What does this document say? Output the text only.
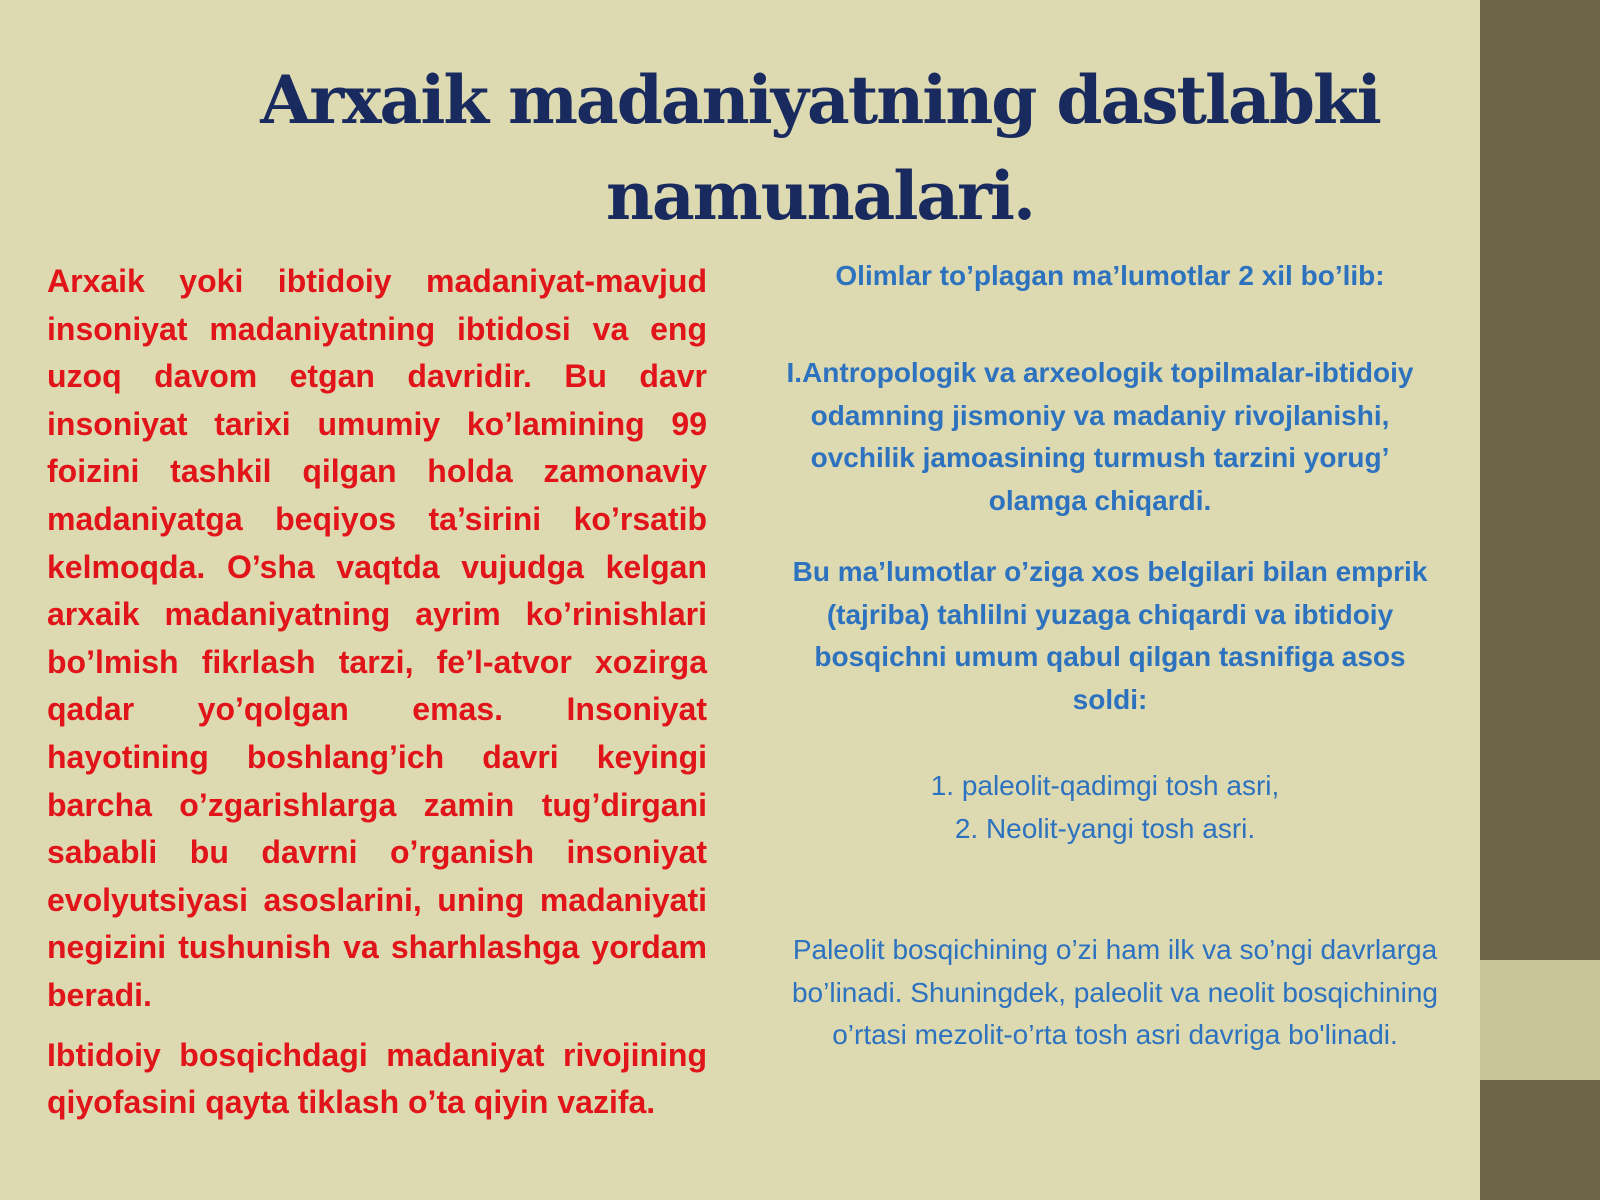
Arxaik madaniyatning dastlabki
namunalari.

Arxaik yoki ibtidoiy madaniyat-mavjud insoniyat madaniyatning ibtidosi va eng uzoq davom etgan davridir. Bu davr insoniyat tarixi umumiy ko’lamining 99 foizini tashkil qilgan holda zamonaviy madaniyatga beqiyos ta’sirini ko’rsatib kelmoqda. O’sha vaqtda vujudga kelgan arxaik madaniyatning ayrim ko’rinishlari bo’lmish fikrlash tarzi, fe’l-atvor xozirga qadar yo’qolgan emas. Insoniyat hayotining boshlang’ich davri keyingi barcha o’zgarishlarga zamin tug’dirgani sababli bu davrni o’rganish insoniyat evolyutsiyasi asoslarini, uning madaniyati negizini tushunish va sharhlashga yordam beradi.

Ibtidoiy bosqichdagi madaniyat rivojining qiyofasini qayta tiklash o’ta qiyin vazifa.

Olimlar to’plagan ma’lumotlar 2 xil bo’lib:

I.Antropologik va arxeologik topilmalar-ibtidoiy odamning jismoniy va madaniy rivojlanishi, ovchilik jamoasining turmush tarzini yorug’ olamga chiqardi.

Bu ma’lumotlar o’ziga xos belgilari bilan emprik (tajriba) tahlilni yuzaga chiqardi va ibtidoiy bosqichni umum qabul qilgan tasnifiga asos soldi:

1. paleolit-qadimgi tosh asri,
2. Neolit-yangi tosh asri.

Paleolit bosqichining o’zi ham ilk va so’ngi davrlarga bo’linadi. Shuningdek, paleolit va neolit bosqichining o’rtasi mezolit-o’rta tosh asri davriga bo'linadi.
